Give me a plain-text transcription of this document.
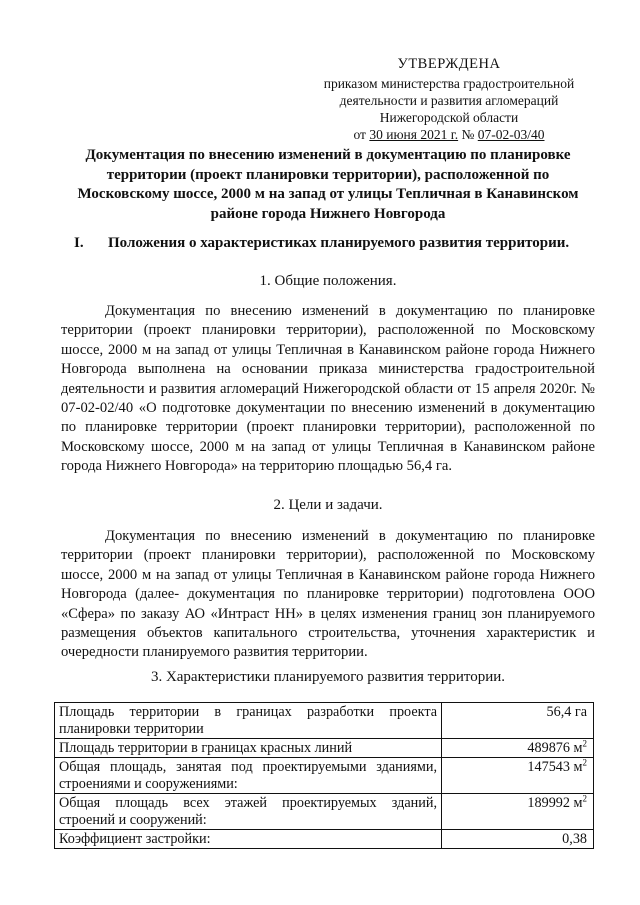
УТВЕРЖДЕНА
приказом министерства градостроительной
деятельности и развития агломераций
Нижегородской области
от 30 июня 2021 г. № 07-02-03/40
Документация по внесению изменений в документацию по планировке территории (проект планировки территории), расположенной по Московскому шоссе, 2000 м на запад от улицы Тепличная в Канавинском районе города Нижнего Новгорода
I. Положения о характеристиках планируемого развития территории.
1. Общие положения.

Документация по внесению изменений в документацию по планировке территории (проект планировки территории), расположенной по Московскому шоссе, 2000 м на запад от улицы Тепличная в Канавинском районе города Нижнего Новгорода выполнена на основании приказа министерства градостроительной деятельности и развития агломераций Нижегородской области от 15 апреля 2020г. № 07-02-02/40 «О подготовке документации по внесению изменений в документацию по планировке территории (проект планировки территории), расположенной по Московскому шоссе, 2000 м на запад от улицы Тепличная в Канавинском районе города Нижнего Новгорода» на территорию площадью 56,4 га.

2. Цели и задачи.

Документация по внесению изменений в документацию по планировке территории (проект планировки территории), расположенной по Московскому шоссе, 2000 м на запад от улицы Тепличная в Канавинском районе города Нижнего Новгорода (далее- документация по планировке территории) подготовлена ООО «Сфера» по заказу АО «Интраст НН» в целях изменения границ зон планируемого размещения объектов капитального строительства, уточнения характеристик и очередности планируемого развития территории.

3. Характеристики планируемого развития территории.
Площадь территории в границах разработки проекта планировки территории	56,4 га
Площадь территории в границах красных линий	489876 $м^2$
Общая площадь, занятая под проектируемыми зданиями, строениями и сооружениями:	147543 $м^2$
Общая площадь всех этажей проектируемых зданий, строений и сооружений:	189992 $м^2$
Коэффициент застройки:	0,38
